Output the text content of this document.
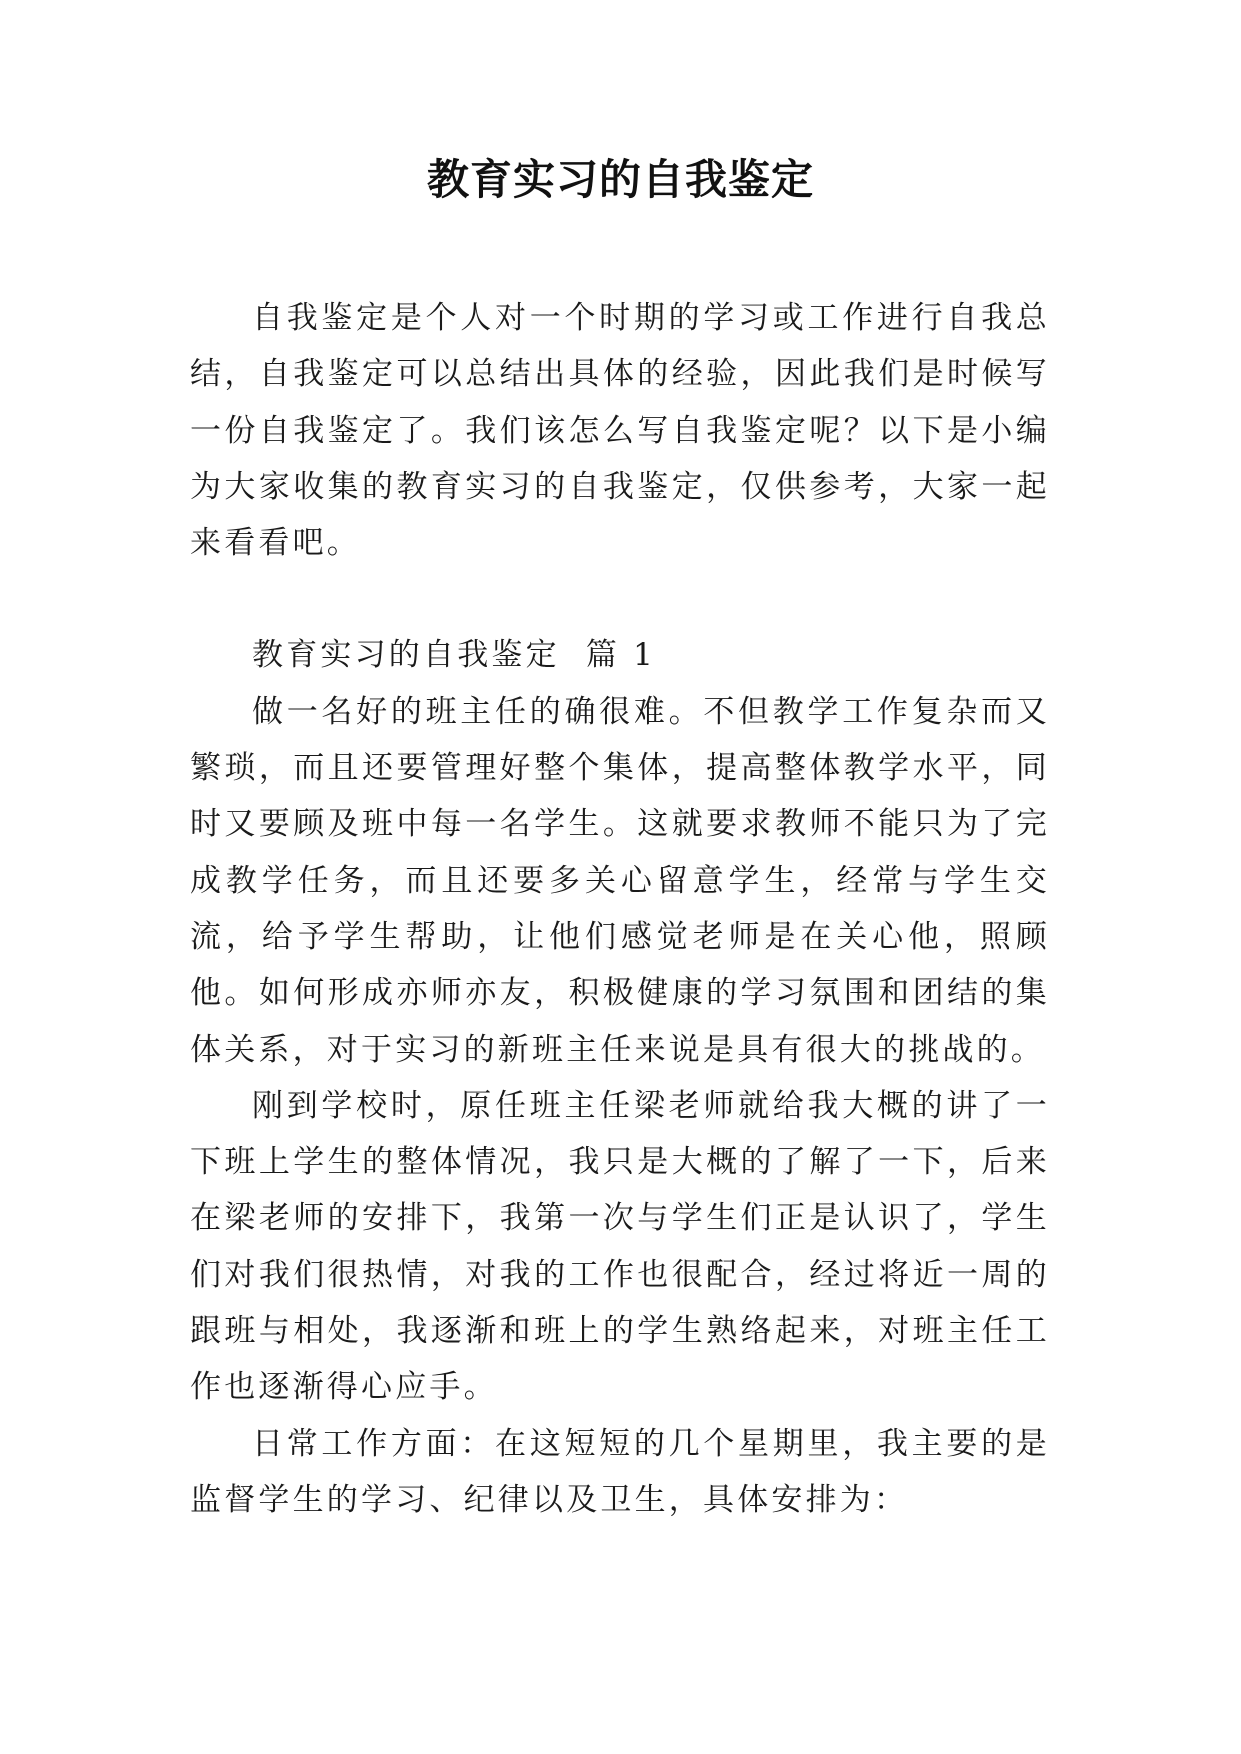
教育实习的自我鉴定

自我鉴定是个人对一个时期的学习或工作进行自我总结，自我鉴定可以总结出具体的经验，因此我们是时候写一份自我鉴定了。我们该怎么写自我鉴定呢？以下是小编为大家收集的教育实习的自我鉴定，仅供参考，大家一起来看看吧。

教育实习的自我鉴定  篇 1

做一名好的班主任的确很难。不但教学工作复杂而又繁琐，而且还要管理好整个集体，提高整体教学水平，同时又要顾及班中每一名学生。这就要求教师不能只为了完成教学任务，而且还要多关心留意学生，经常与学生交流，给予学生帮助，让他们感觉老师是在关心他，照顾他。如何形成亦师亦友，积极健康的学习氛围和团结的集体关系，对于实习的新班主任来说是具有很大的挑战的。

刚到学校时，原任班主任梁老师就给我大概的讲了一下班上学生的整体情况，我只是大概的了解了一下，后来在梁老师的安排下，我第一次与学生们正是认识了，学生们对我们很热情，对我的工作也很配合，经过将近一周的跟班与相处，我逐渐和班上的学生熟络起来，对班主任工作也逐渐得心应手。

日常工作方面：在这短短的几个星期里，我主要的是监督学生的学习、纪律以及卫生，具体安排为：
